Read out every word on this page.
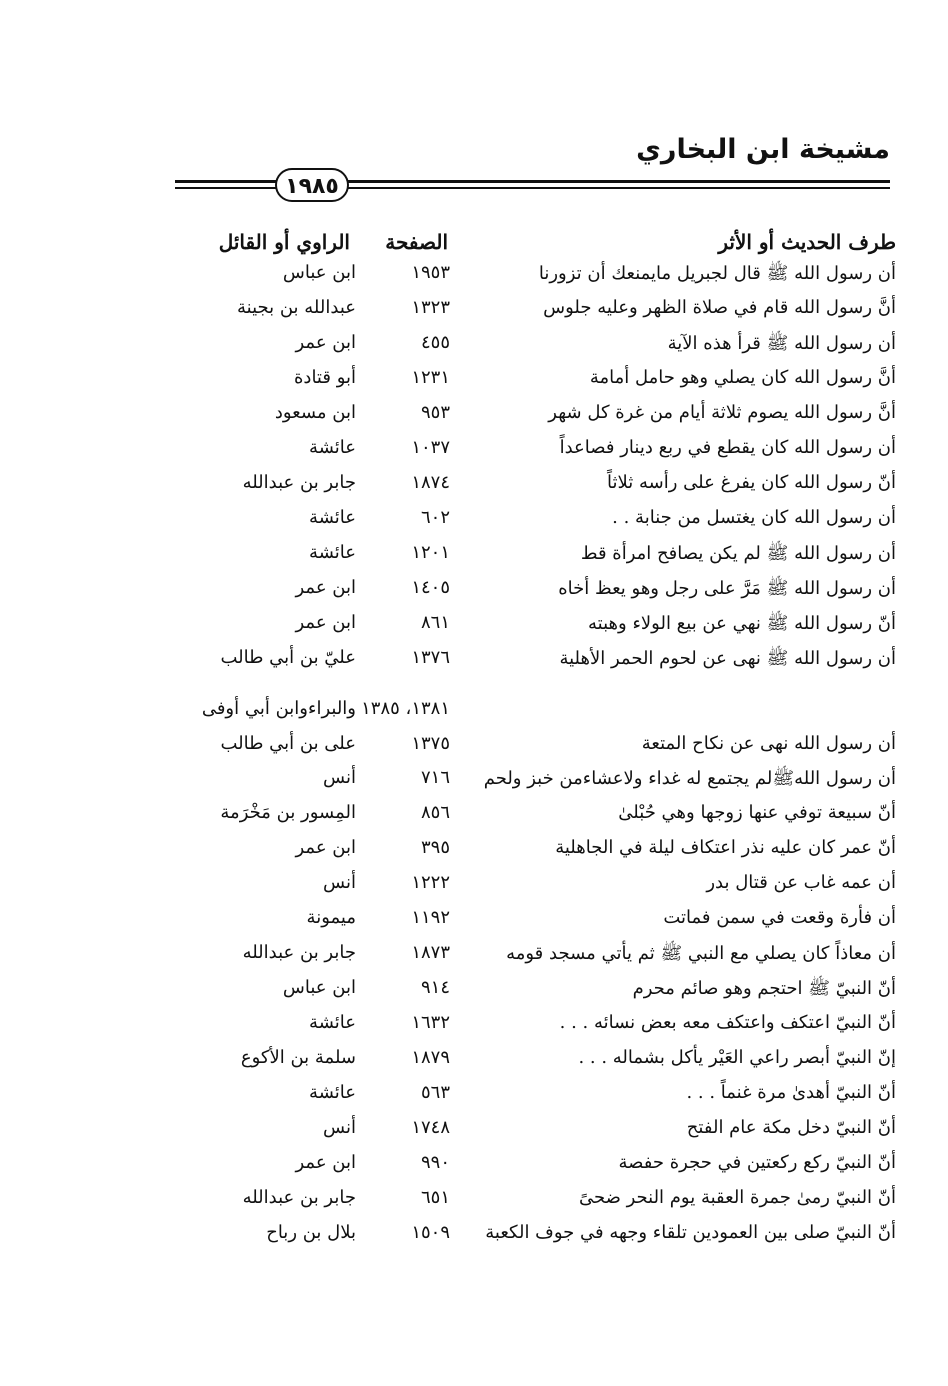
مشيخة ابن البخاري
١٩٨٥
طرف الحديث أو الأثر
الصفحة
الراوي أو القائل
أن رسول الله ﷺ قال لجبريل مايمنعك أن تزورنا
١٩٥٣
ابن عباس
أنَّ رسول الله قام في صلاة الظهر وعليه جلوس
١٣٢٣
عبدالله بن بجينة
أن رسول الله ﷺ قرأ هذه الآية
٤٥٥
ابن عمر
أنَّ رسول الله كان يصلي وهو حامل أمامة
١٢٣١
أبو قتادة
أنَّ رسول الله يصوم ثلاثة أيام من غرة كل شهر
٩٥٣
ابن مسعود
أن رسول الله كان يقطع في ربع دينار فصاعداً
١٠٣٧
عائشة
أنّ رسول الله كان يفرغ على رأسه ثلاثاً
١٨٧٤
جابر بن عبدالله
أن رسول الله كان يغتسل من جنابة . .
٦٠٢
عائشة
أن رسول الله ﷺ لم يكن يصافح امرأة قط
١٢٠١
عائشة
أن رسول الله ﷺ مَرَّ على رجل وهو يعظ أخاه
١٤٠٥
ابن عمر
أنّ رسول الله ﷺ نهي عن بيع الولاء وهبته
٨٦١
ابن عمر
أن رسول الله ﷺ نهى عن لحوم الحمر الأهلية
١٣٧٦
عليّ بن أبي طالب
١٣٨١، ١٣٨٥
والبراءوابن أبي أوفى
أن رسول الله نهى عن نكاح المتعة
١٣٧٥
على بن أبي طالب
أن رسول اللهﷺلم يجتمع له غداء ولاعشاءمن خبز ولحم
٧١٦
أنس
أنّ سبيعة توفي عنها زوجها وهي حُبْلىٰ
٨٥٦
المِسور بن مَخْرَمة
أنّ عمر كان عليه نذر اعتكاف ليلة في الجاهلية
٣٩٥
ابن عمر
أن عمه غاب عن قتال بدر
١٢٢٢
أنس
أن فأرة وقعت في سمن فماتت
١١٩٢
ميمونة
أن معاذاً كان يصلي مع النبي ﷺ ثم يأتي مسجد قومه
١٨٧٣
جابر بن عبدالله
أنّ النبيّ ﷺ احتجم وهو صائم محرم
٩١٤
ابن عباس
أنّ النبيّ اعتكف واعتكف معه بعض نسائه . . .
١٦٣٢
عائشة
إنّ النبيّ أبصر راعي العَيْر يأكل بشماله . . .
١٨٧٩
سلمة بن الأكوع
أنّ النبيّ أهدىٰ مرة غنماً . . .
٥٦٣
عائشة
أنّ النبيّ دخل مكة عام الفتح
١٧٤٨
أنس
أنّ النبيّ ركع ركعتين في حجرة حفصة
٩٩٠
ابن عمر
أنّ النبيّ رمىٰ جمرة العقبة يوم النحر ضحىً
٦٥١
جابر بن عبدالله
أنّ النبيّ صلى بين العمودين تلقاء وجهه في جوف الكعبة
١٥٠٩
بلال بن رباح
